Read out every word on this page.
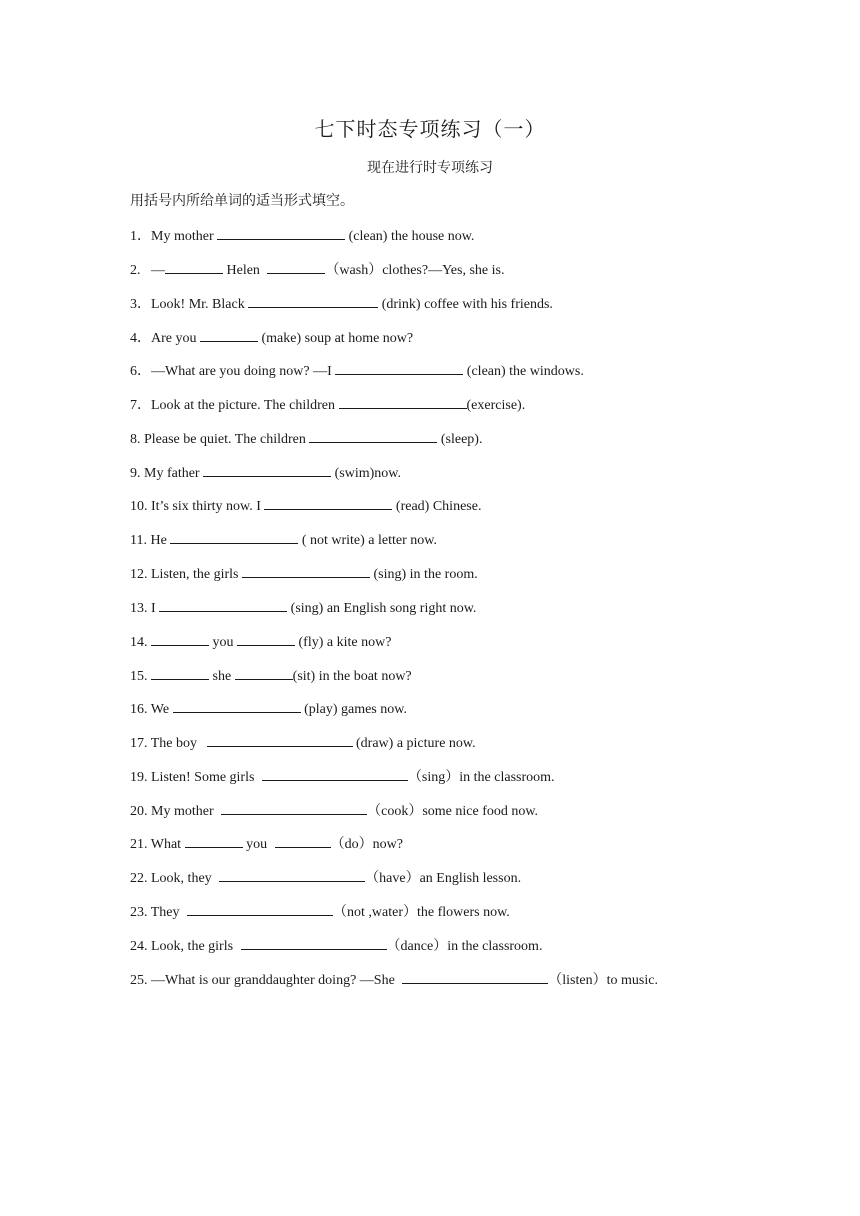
七下时态专项练习（一）
现在进行时专项练习
用括号内所给单词的适当形式填空。
1．My mother	(clean) the house now.
2.   —	Helen	（wash）clothes?—Yes, she is.
3．Look! Mr. Black	(drink) coffee with his friends.
4．Are you	(make) soup at home now?
6．—What are you doing now? —I	(clean) the windows.
7．Look at the picture. The children	(exercise).
8. Please be quiet. The children	(sleep).
9. My father	(swim)now.
10. It’s six thirty now. I	(read) Chinese.
11. He	( not write) a letter now.
12. Listen, the girls	(sing) in the room.
13. I	(sing) an English song right now.
14.	you	(fly) a kite now?
15.	she	(sit) in the boat now?
16. We	(play) games now.
17. The boy	(draw) a picture now.
19. Listen! Some girls	（sing）in the classroom.
20. My mother	（cook）some nice food now.
21. What	you	（do）now?
22. Look, they	（have）an English lesson.
23. They	（not ,water）the flowers now.
24. Look, the girls	（dance）in the classroom.
25. —What is our granddaughter doing? —She	（listen）to music.
